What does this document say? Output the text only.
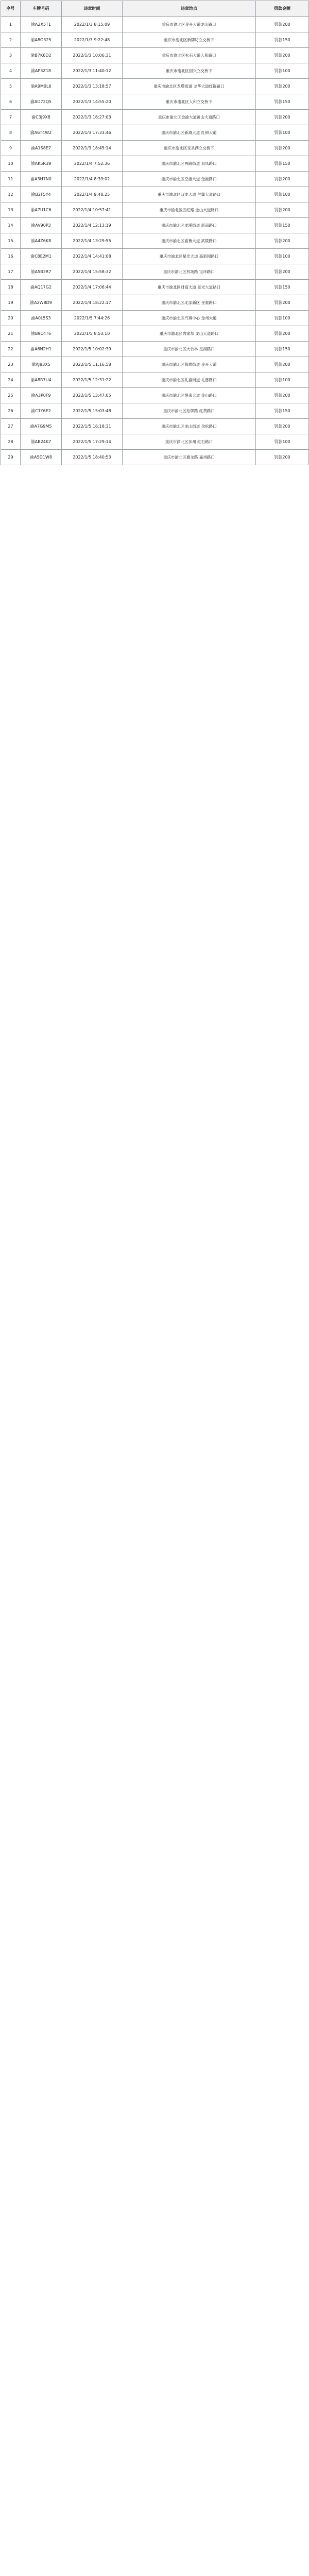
序号	车牌号码	违章时间	违章地点	罚款金额
1	渝A2X5T1	2022/1/3 8:15:09	重庆市渝北区金开大道龙山路口	罚款200
2	渝A8G325	2022/1/3 9:22:48	重庆市渝北区新牌坊立交桥下	罚款150
3	渝B7K6D2	2022/1/3 10:06:31	重庆市渝北区松石大道人和路口	罚款200
4	渝AP3Z18	2022/1/3 11:40:12	重庆市渝北区回兴立交桥下	罚款100
5	渝A9M0L6	2022/1/3 13:18:57	重庆市渝北区龙塔街道 龙华大道红锦路口	罚款200
6	渝AD72Q5	2022/1/3 14:55:20	重庆市渝北区人和立交桥下	罚款150
7	渝C3J9X8	2022/1/3 16:27:03	重庆市渝北区金渝大道黄山大道路口	罚款200
8	渝A6T4W2	2022/1/3 17:33:46	重庆市渝北区新溉大道 红锦大道	罚款100
9	渝A1S8E7	2022/1/3 18:45:14	重庆市渝北区宝圣湖立交桥下	罚款200
10	渝AK5R39	2022/1/4 7:52:36	重庆市渝北区两路街道 双凤路口	罚款150
11	渝A3H7N0	2022/1/4 8:39:02	重庆市渝北区空港大道 金港路口	罚款200
12	渝B2F5Y4	2022/1/4 9:48:25	重庆市渝北区双龙大道 兰馨大道路口	罚款100
13	渝A7U1C6	2022/1/4 10:57:41	重庆市渝北区五红路 金山大道路口	罚款200
14	渝AV90P3	2022/1/4 12:13:19	重庆市渝北区龙溪街道 新南路口	罚款150
15	渝A4Z6K8	2022/1/4 13:29:55	重庆市渝北区渝鲁大道 武陵路口	罚款200
16	渝C8E2M1	2022/1/4 14:41:08	重庆市渝北区星光大道 高新园路口	罚款100
17	渝A5B3R7	2022/1/4 15:58:32	重庆市渝北区机场路 宝环路口	罚款200
18	渝AQ17G2	2022/1/4 17:06:44	重庆市渝北区财富大道 星光大道路口	罚款150
19	渝A2W8D9	2022/1/4 18:22:17	重庆市渝北区北部新区 金童路口	罚款200
20	渝A0L5S3	2022/1/5 7:44:26	重庆市渝北区汽博中心 金州大道	罚款100
21	渝B9C4T6	2022/1/5 8:53:10	重庆市渝北区冉家坝 龙山大道路口	罚款200
22	渝A6N2H1	2022/1/5 10:02:39	重庆市渝北区大竹林 星湖路口	罚款150
23	渝AJ83X5	2022/1/5 11:16:58	重庆市渝北区鸳鸯街道 金开大道	罚款200
24	渝A8R7U4	2022/1/5 12:31:22	重庆市渝北区礼嘉街道 礼慈路口	罚款100
25	渝A3P0F9	2022/1/5 13:47:05	重庆市渝北区悦来大道 金山路口	罚款200
26	渝C1Y6E2	2022/1/5 15:03:48	重庆市渝北区松牌路 红黄路口	罚款150
27	渝A7G9M5	2022/1/5 16:18:31	重庆市渝北区龙山街道 余松路口	罚款200
28	渝AB24K7	2022/1/5 17:29:14	重庆市渝北区加州 红石路口	罚款100
29	渝A5D1W8	2022/1/5 18:40:53	重庆市渝北区旗龙路 嘉州路口	罚款200
